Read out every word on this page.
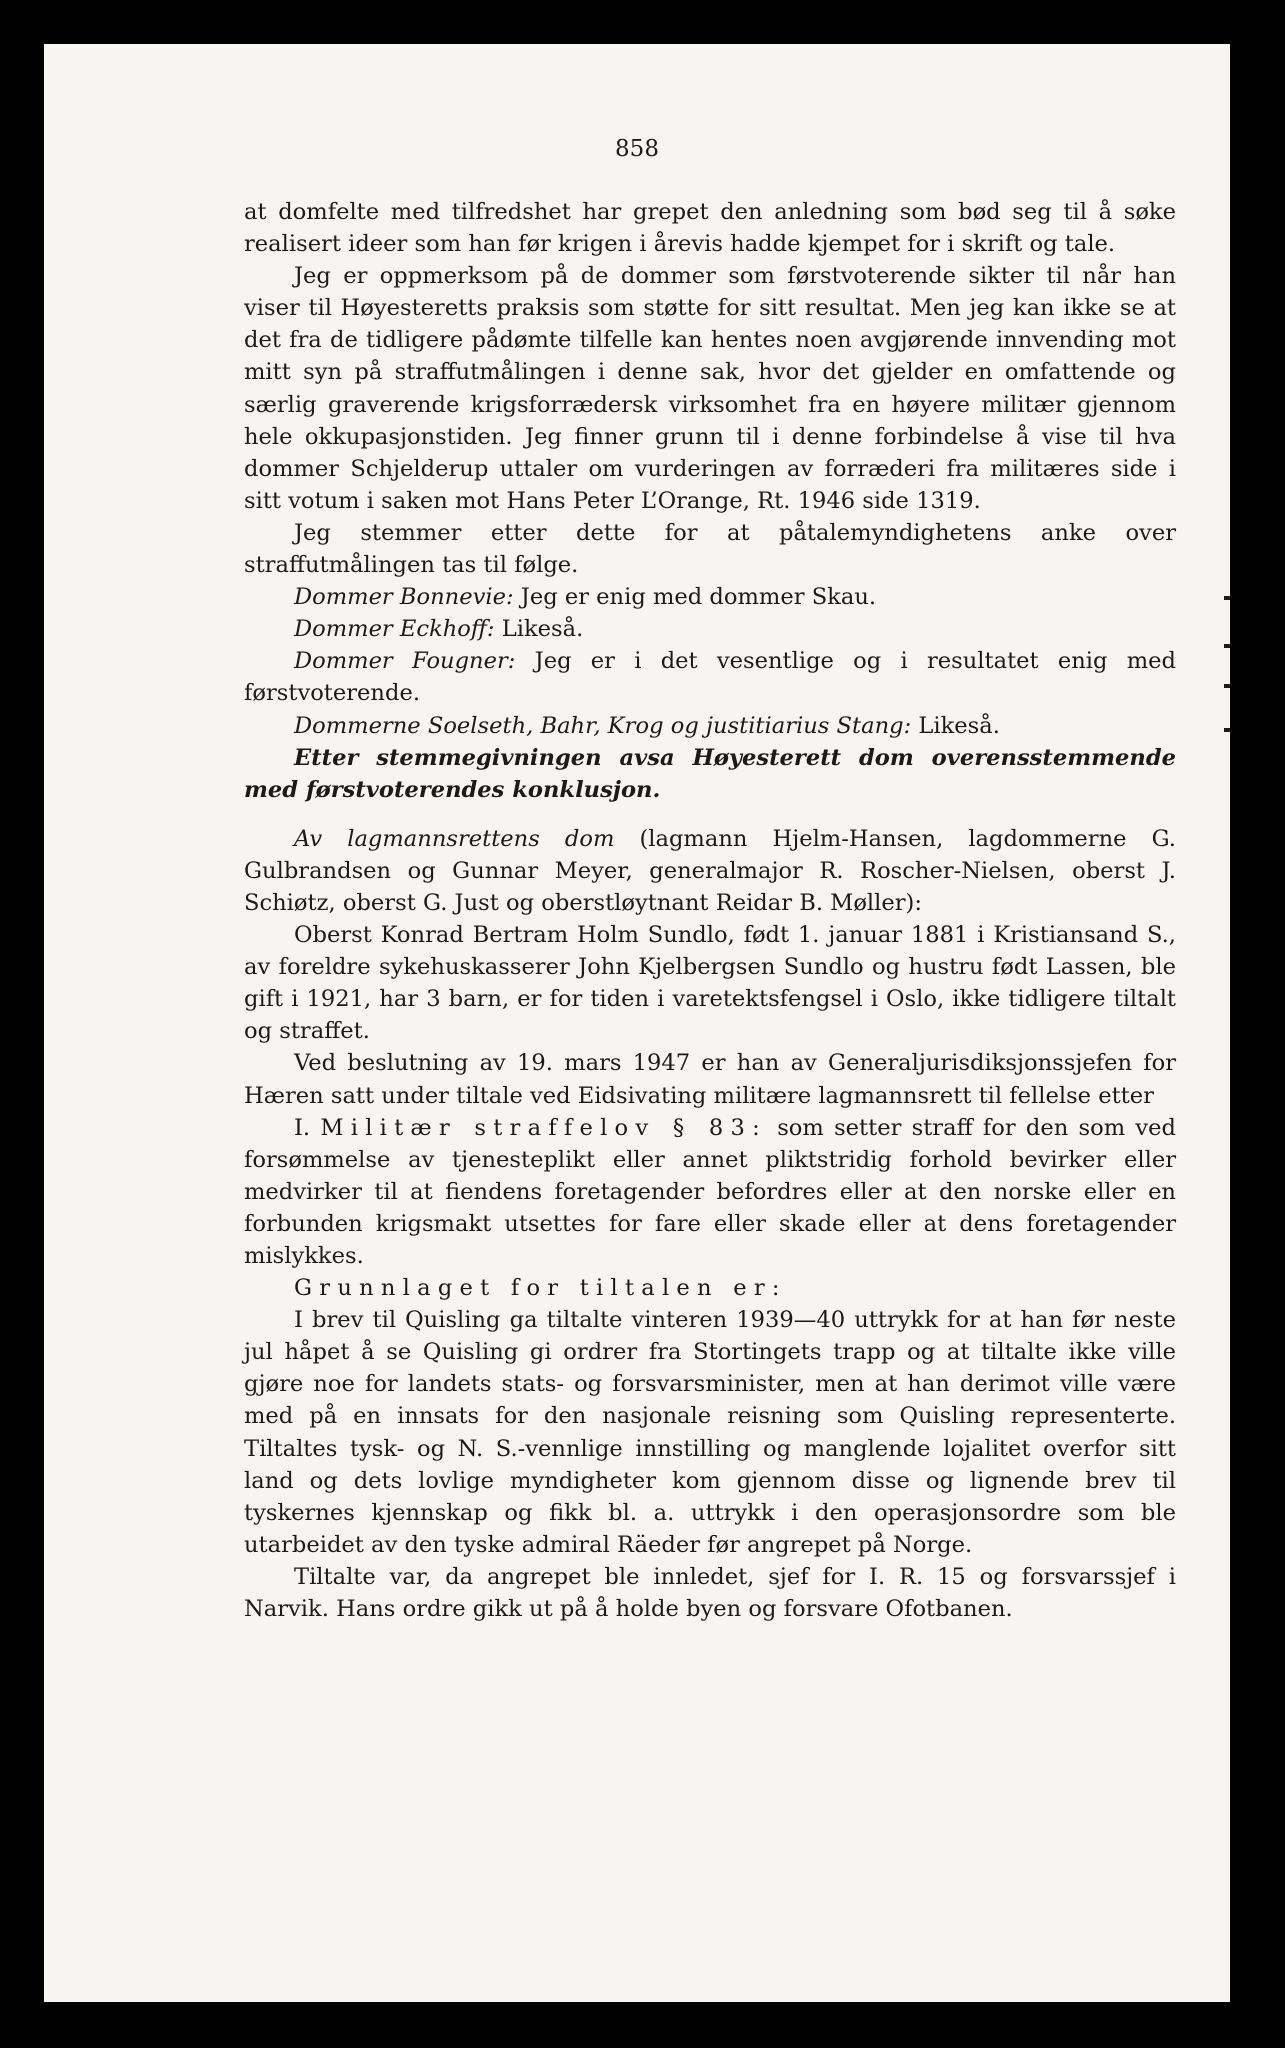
858

at domfelte med tilfredshet har grepet den anledning som bød seg til å søke realisert ideer som han før krigen i årevis hadde kjempet for i skrift og tale.

Jeg er oppmerksom på de dommer som førstvoterende sikter til når han viser til Høyesteretts praksis som støtte for sitt resultat. Men jeg kan ikke se at det fra de tidligere pådømte tilfelle kan hentes noen avgjørende innvending mot mitt syn på straffutmålingen i denne sak, hvor det gjelder en omfattende og særlig graverende krigsforrædersk virksomhet fra en høyere militær gjennom hele okkupasjonstiden. Jeg finner grunn til i denne forbindelse å vise til hva dommer Schjelderup uttaler om vurderingen av forræderi fra militæres side i sitt votum i saken mot Hans Peter L’Orange, Rt. 1946 side 1319.

Jeg stemmer etter dette for at påtalemyndighetens anke over straffutmålingen tas til følge.

Dommer Bonnevie: Jeg er enig med dommer Skau.

Dommer Eckhoff: Likeså.

Dommer Fougner: Jeg er i det vesentlige og i resultatet enig med førstvoterende.

Dommerne Soelseth, Bahr, Krog og justitiarius Stang: Likeså.

Etter stemmegivningen avsa Høyesterett dom overensstemmende med førstvoterendes konklusjon.

Av lagmannsrettens dom (lagmann Hjelm-Hansen, lagdommerne G. Gulbrandsen og Gunnar Meyer, generalmajor R. Roscher-Nielsen, oberst J. Schiøtz, oberst G. Just og oberstløytnant Reidar B. Møller):

Oberst Konrad Bertram Holm Sundlo, født 1. januar 1881 i Kristiansand S., av foreldre sykehuskasserer John Kjelbergsen Sundlo og hustru født Lassen, ble gift i 1921, har 3 barn, er for tiden i varetektsfengsel i Oslo, ikke tidligere tiltalt og straffet.

Ved beslutning av 19. mars 1947 er han av Generaljurisdiksjonssjefen for Hæren satt under tiltale ved Eidsivating militære lagmannsrett til fellelse etter

I. Militær straffelov § 83: som setter straff for den som ved forsømmelse av tjenesteplikt eller annet pliktstridig forhold bevirker eller medvirker til at fiendens foretagender befordres eller at den norske eller en forbunden krigsmakt utsettes for fare eller skade eller at dens foretagender mislykkes.

Grunnlaget for tiltalen er:

I brev til Quisling ga tiltalte vinteren 1939—40 uttrykk for at han før neste jul håpet å se Quisling gi ordrer fra Stortingets trapp og at tiltalte ikke ville gjøre noe for landets stats- og forsvarsminister, men at han derimot ville være med på en innsats for den nasjonale reisning som Quisling representerte. Tiltaltes tysk- og N. S.-vennlige innstilling og manglende lojalitet overfor sitt land og dets lovlige myndigheter kom gjennom disse og lignende brev til tyskernes kjennskap og fikk bl. a. uttrykk i den operasjonsordre som ble utarbeidet av den tyske admiral Räeder før angrepet på Norge.

Tiltalte var, da angrepet ble innledet, sjef for I. R. 15 og forsvarssjef i Narvik. Hans ordre gikk ut på å holde byen og forsvare Ofotbanen.
